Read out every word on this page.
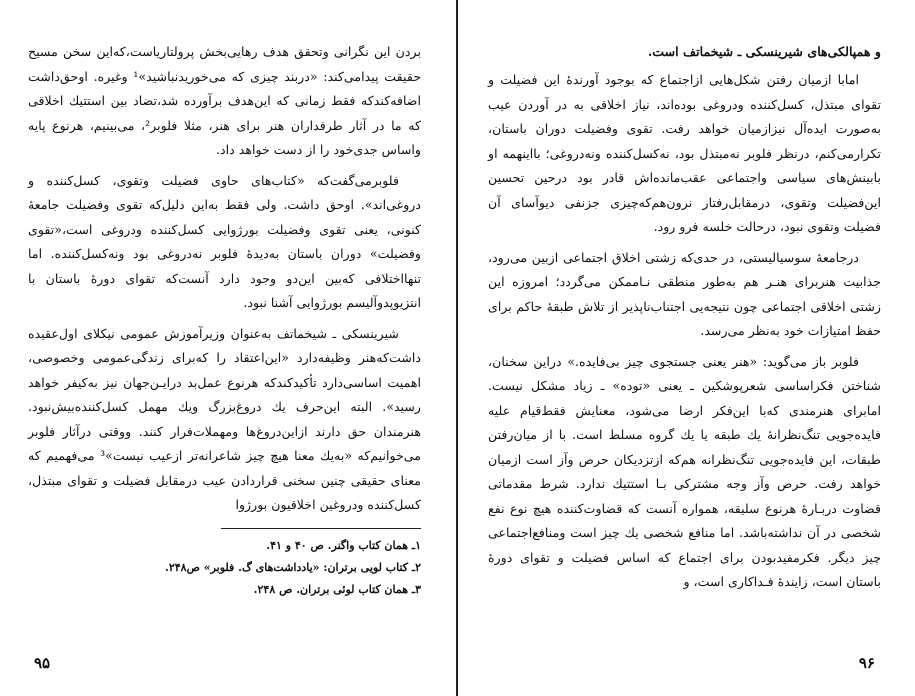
بردن این نگرانی وتحقق هدف رهایی‌بخش پرولتاریاست،که‌این سخن مسیح حقیقت پیدامی‌کند: «دربند چیزی که می‌خوریدنباشید»¹ وغیره. اوحق‌داشت اضافه‌کندکه فقط زمانی که این‌هدف برآورده شد،تضاد بین استتیك اخلاقی که ما در آثار طرفداران هنر برای هنر، مثلا فلوبر²، می‌بینیم، هرنوع پایه واساس جدی‌خود را از دست خواهد داد.

فلوبرمی‌گفت‌که «کتاب‌های حاوی فضیلت وتقوی، کسل‌کننده و دروغی‌اند». اوحق داشت. ولی فقط به‌این دلیل‌که تقوی وفضیلت جامعهٔ کنونی، یعنی تقوی وفضیلت بورژوایی کسل‌کننده ودروغی است،«تقوی وفضیلت» دوران باستان به‌دیدهٔ فلوبر نه‌دروغی بود ونه‌کسل‌کننده. اما تنهااختلافی که‌بین این‌دو وجود دارد آنست‌که تقوای دورهٔ باستان با انتزیوپدوآلیسم بورژوایی آشنا نبود.

شیرینسکی ـ شیخماتف به‌عنوان وزیرآموزش عمومی نیکلای اول‌عقیده داشت‌که‌هنر وظیفه‌دارد «این‌اعتقاد را که‌برای زندگی‌عمومی وخصوصی، اهمیت اساسی‌دارد تأکیدکندکه هرنوع عمل‌بد درایـن‌جهان نیز به‌کیفر خواهد رسید». البته این‌حرف یك دروغ‌بزرگ ویك مهمل کسل‌کننده‌بیش‌نبود. هنرمندان حق دارند ازاین‌دروغ‌ها ومهملات‌فرار کنند. ووقتی درآثار فلوبر می‌خوانیم‌که «به‌یك معنا هیچ چیز شاعرانه‌تر ازعیب نیست»³ می‌فهمیم که معنای حقیقی چنین سخنی قراردادن عیب درمقابل فضیلت و تقوای مبتذل، کسل‌کننده ودروغین اخلاقیون بورژوا

۱ـ همان کتاب واگنر. ص ۴۰ و ۴۱.
۲ـ کتاب لویی برتران: «یادداشت‌های گ. فلوبر» ص۲۴۸.
۳ـ همان کتاب لوئی برتران. ص ۲۴۸.
۹۵

و همپالکی‌های شیرینسکی ـ شیخماتف است.

امابا ازمیان رفتن شکل‌هایی ازاجتماع که بوجود آورندهٔ این فضیلت و تقوای مبتذل، کسل‌کننده ودروغی بوده‌اند، نیاز اخلاقی به در آوردن عیب به‌صورت ایده‌آل نیزازمیان خواهد رفت. تقوی وفضیلت دوران باستان، تکرارمی‌کنم، درنظر فلوبر نه‌مبتذل بود، نه‌کسل‌کننده ونه‌دروغی؛ بااینهمه او بابینش‌های سیاسی واجتماعی عقب‌مانده‌اش قادر بود درحین تحسین این‌فضیلت وتقوی، درمقابل‌رفتار نرون‌هم‌که‌چیزی جزنفی دیوآسای آن فضیلت وتقوی نبود، درحالت خلسه فرو رود.

درجامعهٔ سوسیالیستی، در حدی‌که زشتی اخلاق اجتماعی ازبین می‌رود، جذابیت هنربرای هنـر هم به‌طور منطقی نـاممکن می‌گردد؛ امروزه این زشتی اخلاقی اجتماعی چون نتیجه‌یی اجتناب‌ناپذیر از تلاش طبقهٔ حاکم برای حفظ امتیازات خود به‌نظر می‌رسد.

فلوبر باز می‌گوید: «هنر یعنی جستجوی چیز بی‌فایده.» دراین سخنان، شناختن فکراساسی شعرپوشکین ـ یعنی «توده» ـ زیاد مشکل نیست. امابرای هنرمندی که‌با این‌فکر ارضا می‌شود، معنایش فقط‌قیام علیه فایده‌جویی تنگ‌نظرانهٔ یك طبقه یا یك گروه مسلط است. با از میان‌رفتن طبقات، این فایده‌جویی تنگ‌نظرانه هم‌که ازتزدیکان حرص وآز است ازمیان خواهد رفت. حرص وآز وجه مشترکی بـا استتیك ندارد. شرط مقدماتی قضاوت دربـارهٔ هرنوع سلیقه، همواره آنست که قضاوت‌کننده هیچ نوع نفع شخصی در آن نداشته‌باشد. اما منافع شخصی یك چیز است ومنافع‌اجتماعی چیز دیگر. فکرمفیدبودن برای اجتماع که اساس فضیلت و تقوای دورهٔ باستان است، زایندهٔ فـداکاری است، و

۹۶
